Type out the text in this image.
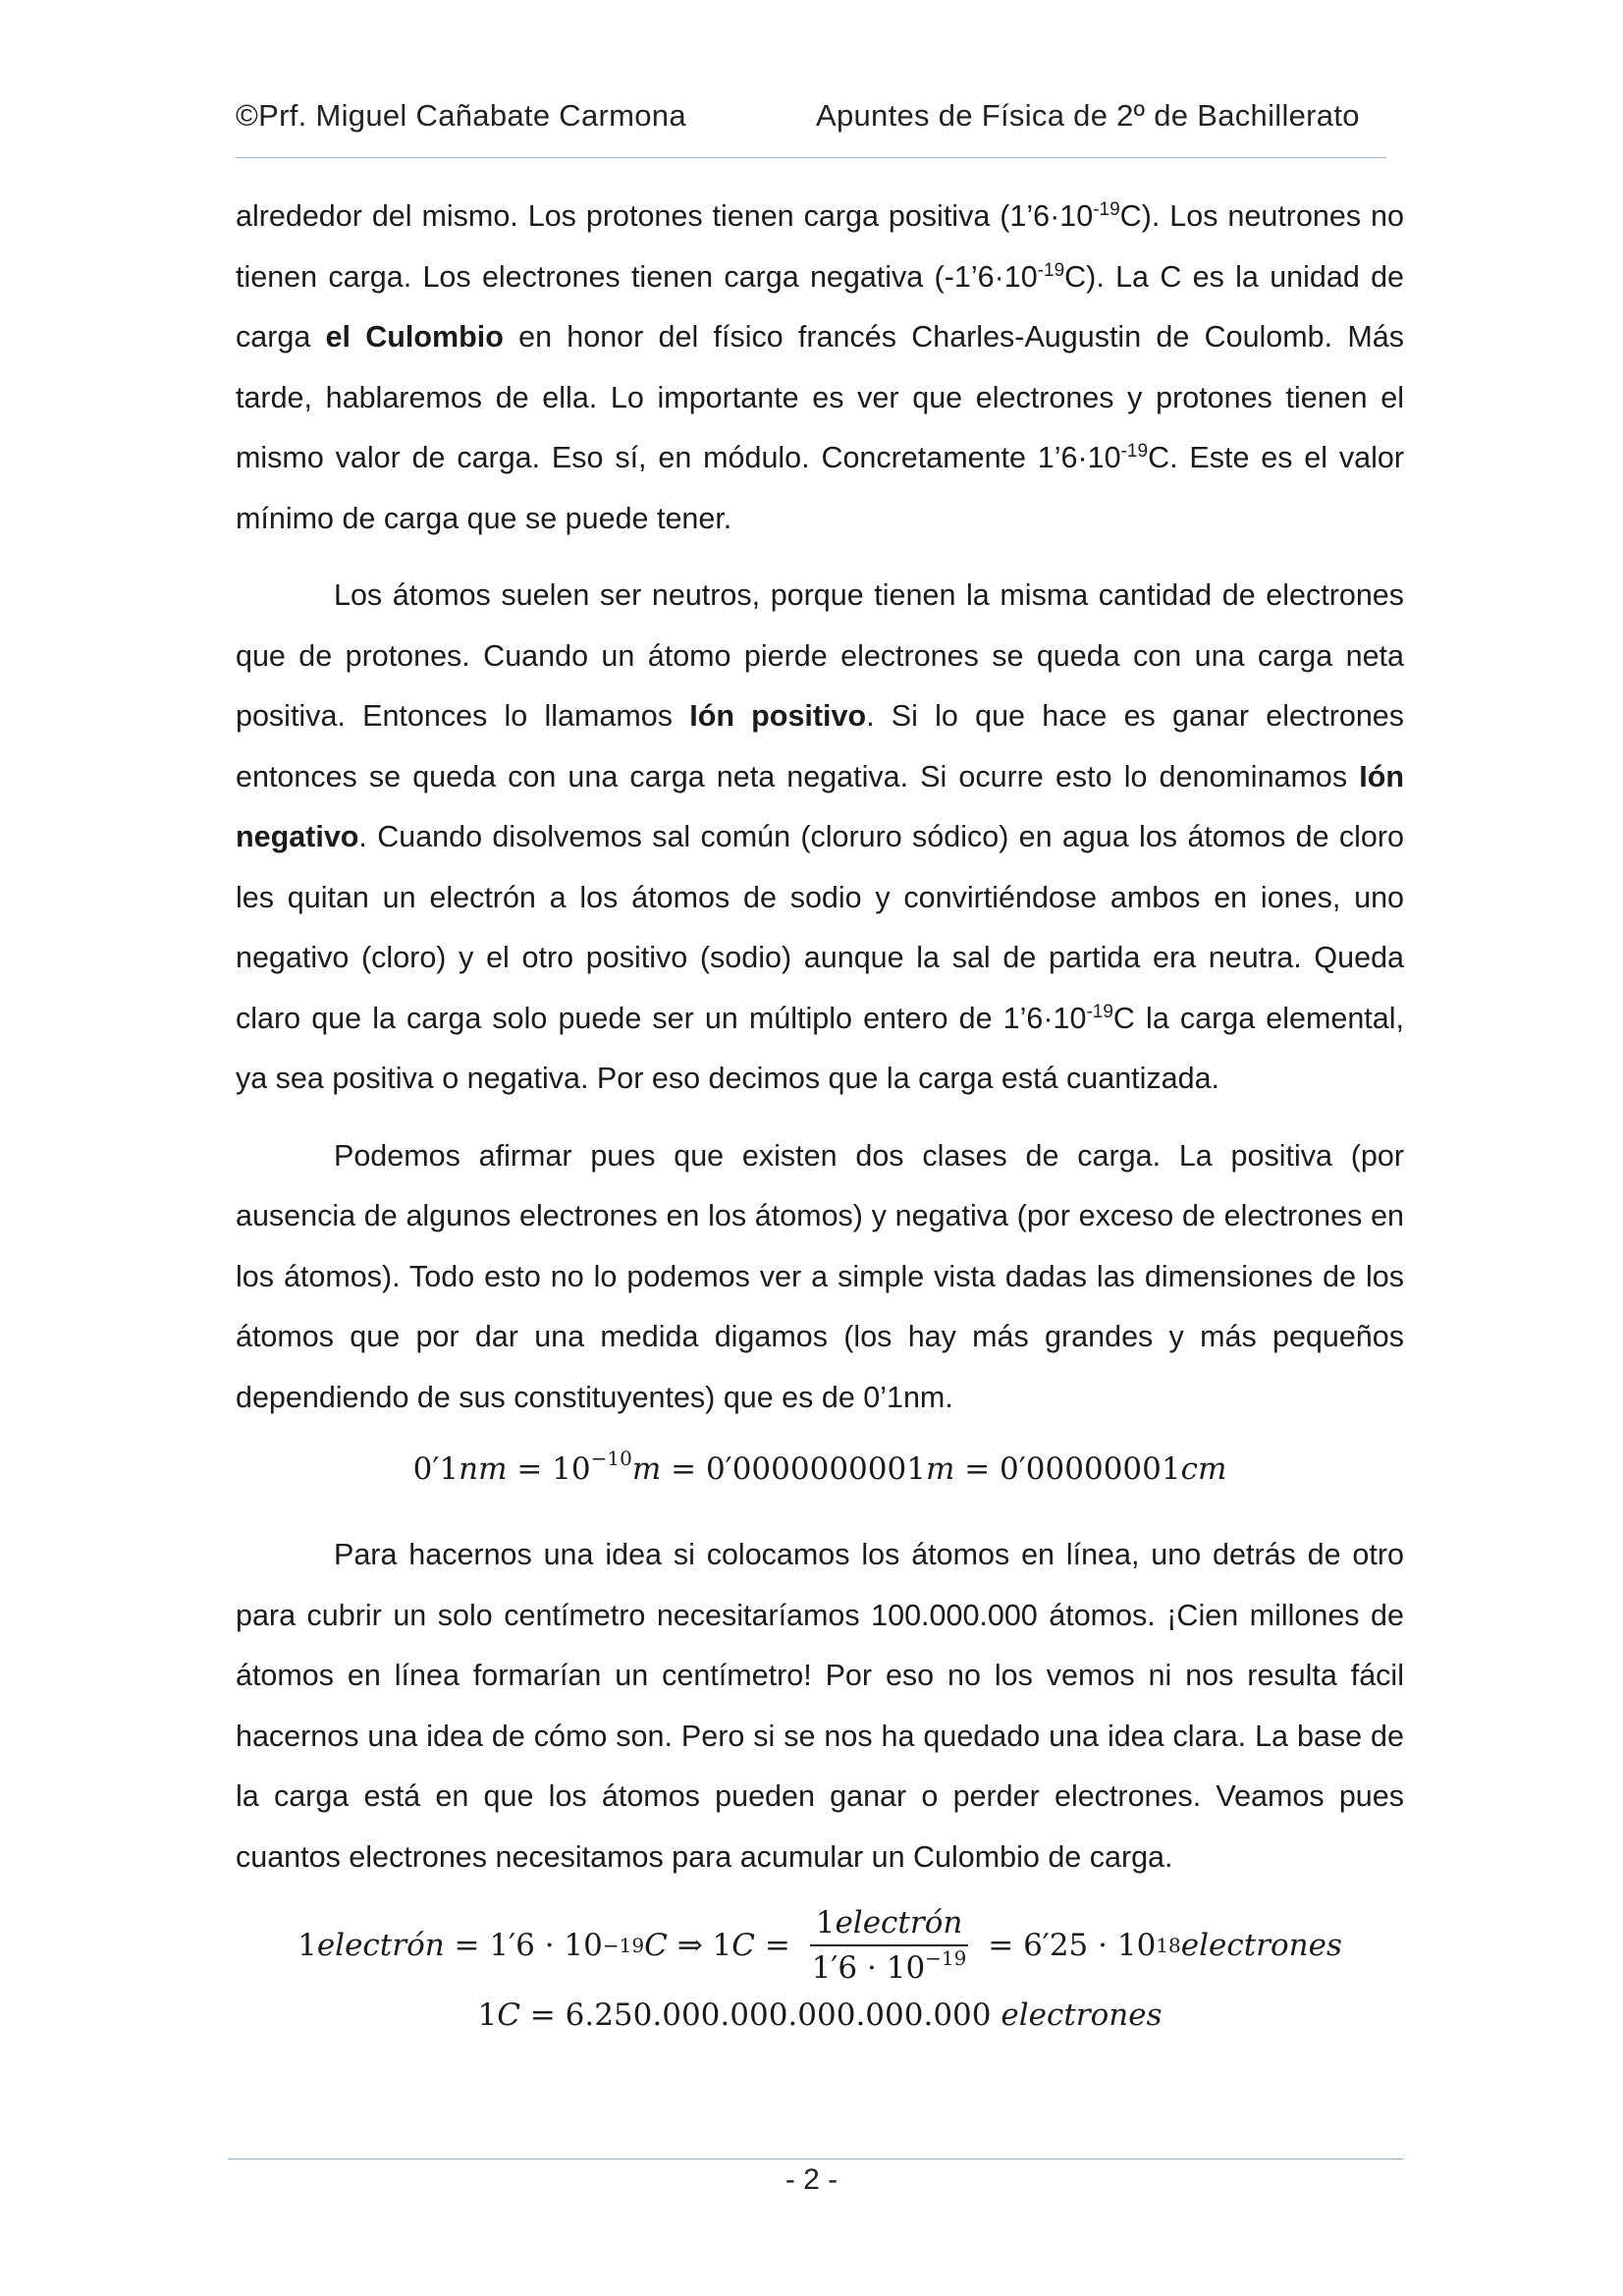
©Prf. Miguel Cañabate Carmona	Apuntes de Física de 2º de Bachillerato

alrededor del mismo. Los protones tienen carga positiva $(1’6\cdot 10^{-19}C)$. Los neutrones no tienen carga. Los electrones tienen carga negativa $(-1’6\cdot 10^{-19}C)$. La C es la unidad de carga el Culombio en honor del físico francés Charles-Augustin de Coulomb. Más tarde, hablaremos de ella. Lo importante es ver que electrones y protones tienen el mismo valor de carga. Eso sí, en módulo. Concretamente $1’6\cdot 10^{-19}C$. Este es el valor mínimo de carga que se puede tener.

Los átomos suelen ser neutros, porque tienen la misma cantidad de electrones que de protones. Cuando un átomo pierde electrones se queda con una carga neta positiva. Entonces lo llamamos Ión positivo. Si lo que hace es ganar electrones entonces se queda con una carga neta negativa. Si ocurre esto lo denominamos Ión negativo. Cuando disolvemos sal común (cloruro sódico) en agua los átomos de cloro les quitan un electrón a los átomos de sodio y convirtiéndose ambos en iones, uno negativo (cloro) y el otro positivo (sodio) aunque la sal de partida era neutra. Queda claro que la carga solo puede ser un múltiplo entero de $1’6\cdot 10^{-19}C$ la carga elemental, ya sea positiva o negativa. Por eso decimos que la carga está cuantizada.

Podemos afirmar pues que existen dos clases de carga. La positiva (por ausencia de algunos electrones en los átomos) y negativa (por exceso de electrones en los átomos). Todo esto no lo podemos ver a simple vista dadas las dimensiones de los átomos que por dar una medida digamos (los hay más grandes y más pequeños dependiendo de sus constituyentes) que es de 0’1nm.

$0'1nm = 10^{-10}m = 0'0000000001m = 0'00000001cm$

Para hacernos una idea si colocamos los átomos en línea, uno detrás de otro para cubrir un solo centímetro necesitaríamos 100.000.000 átomos. ¡Cien millones de átomos en línea formarían un centímetro! Por eso no los vemos ni nos resulta fácil hacernos una idea de cómo son. Pero si se nos ha quedado una idea clara. La base de la carga está en que los átomos pueden ganar o perder electrones. Veamos pues cuantos electrones necesitamos para acumular un Culombio de carga.

1 electrón = 1′6 · 10 −19 C ⇒ 1 $C = \frac{\text{1electrón}}{1'6 \cdot 10^{-19}} = 6'25 \cdot 10$ 18 electrones
1C = 6.250.000.000.000.000.000 electrones
- 2 -
